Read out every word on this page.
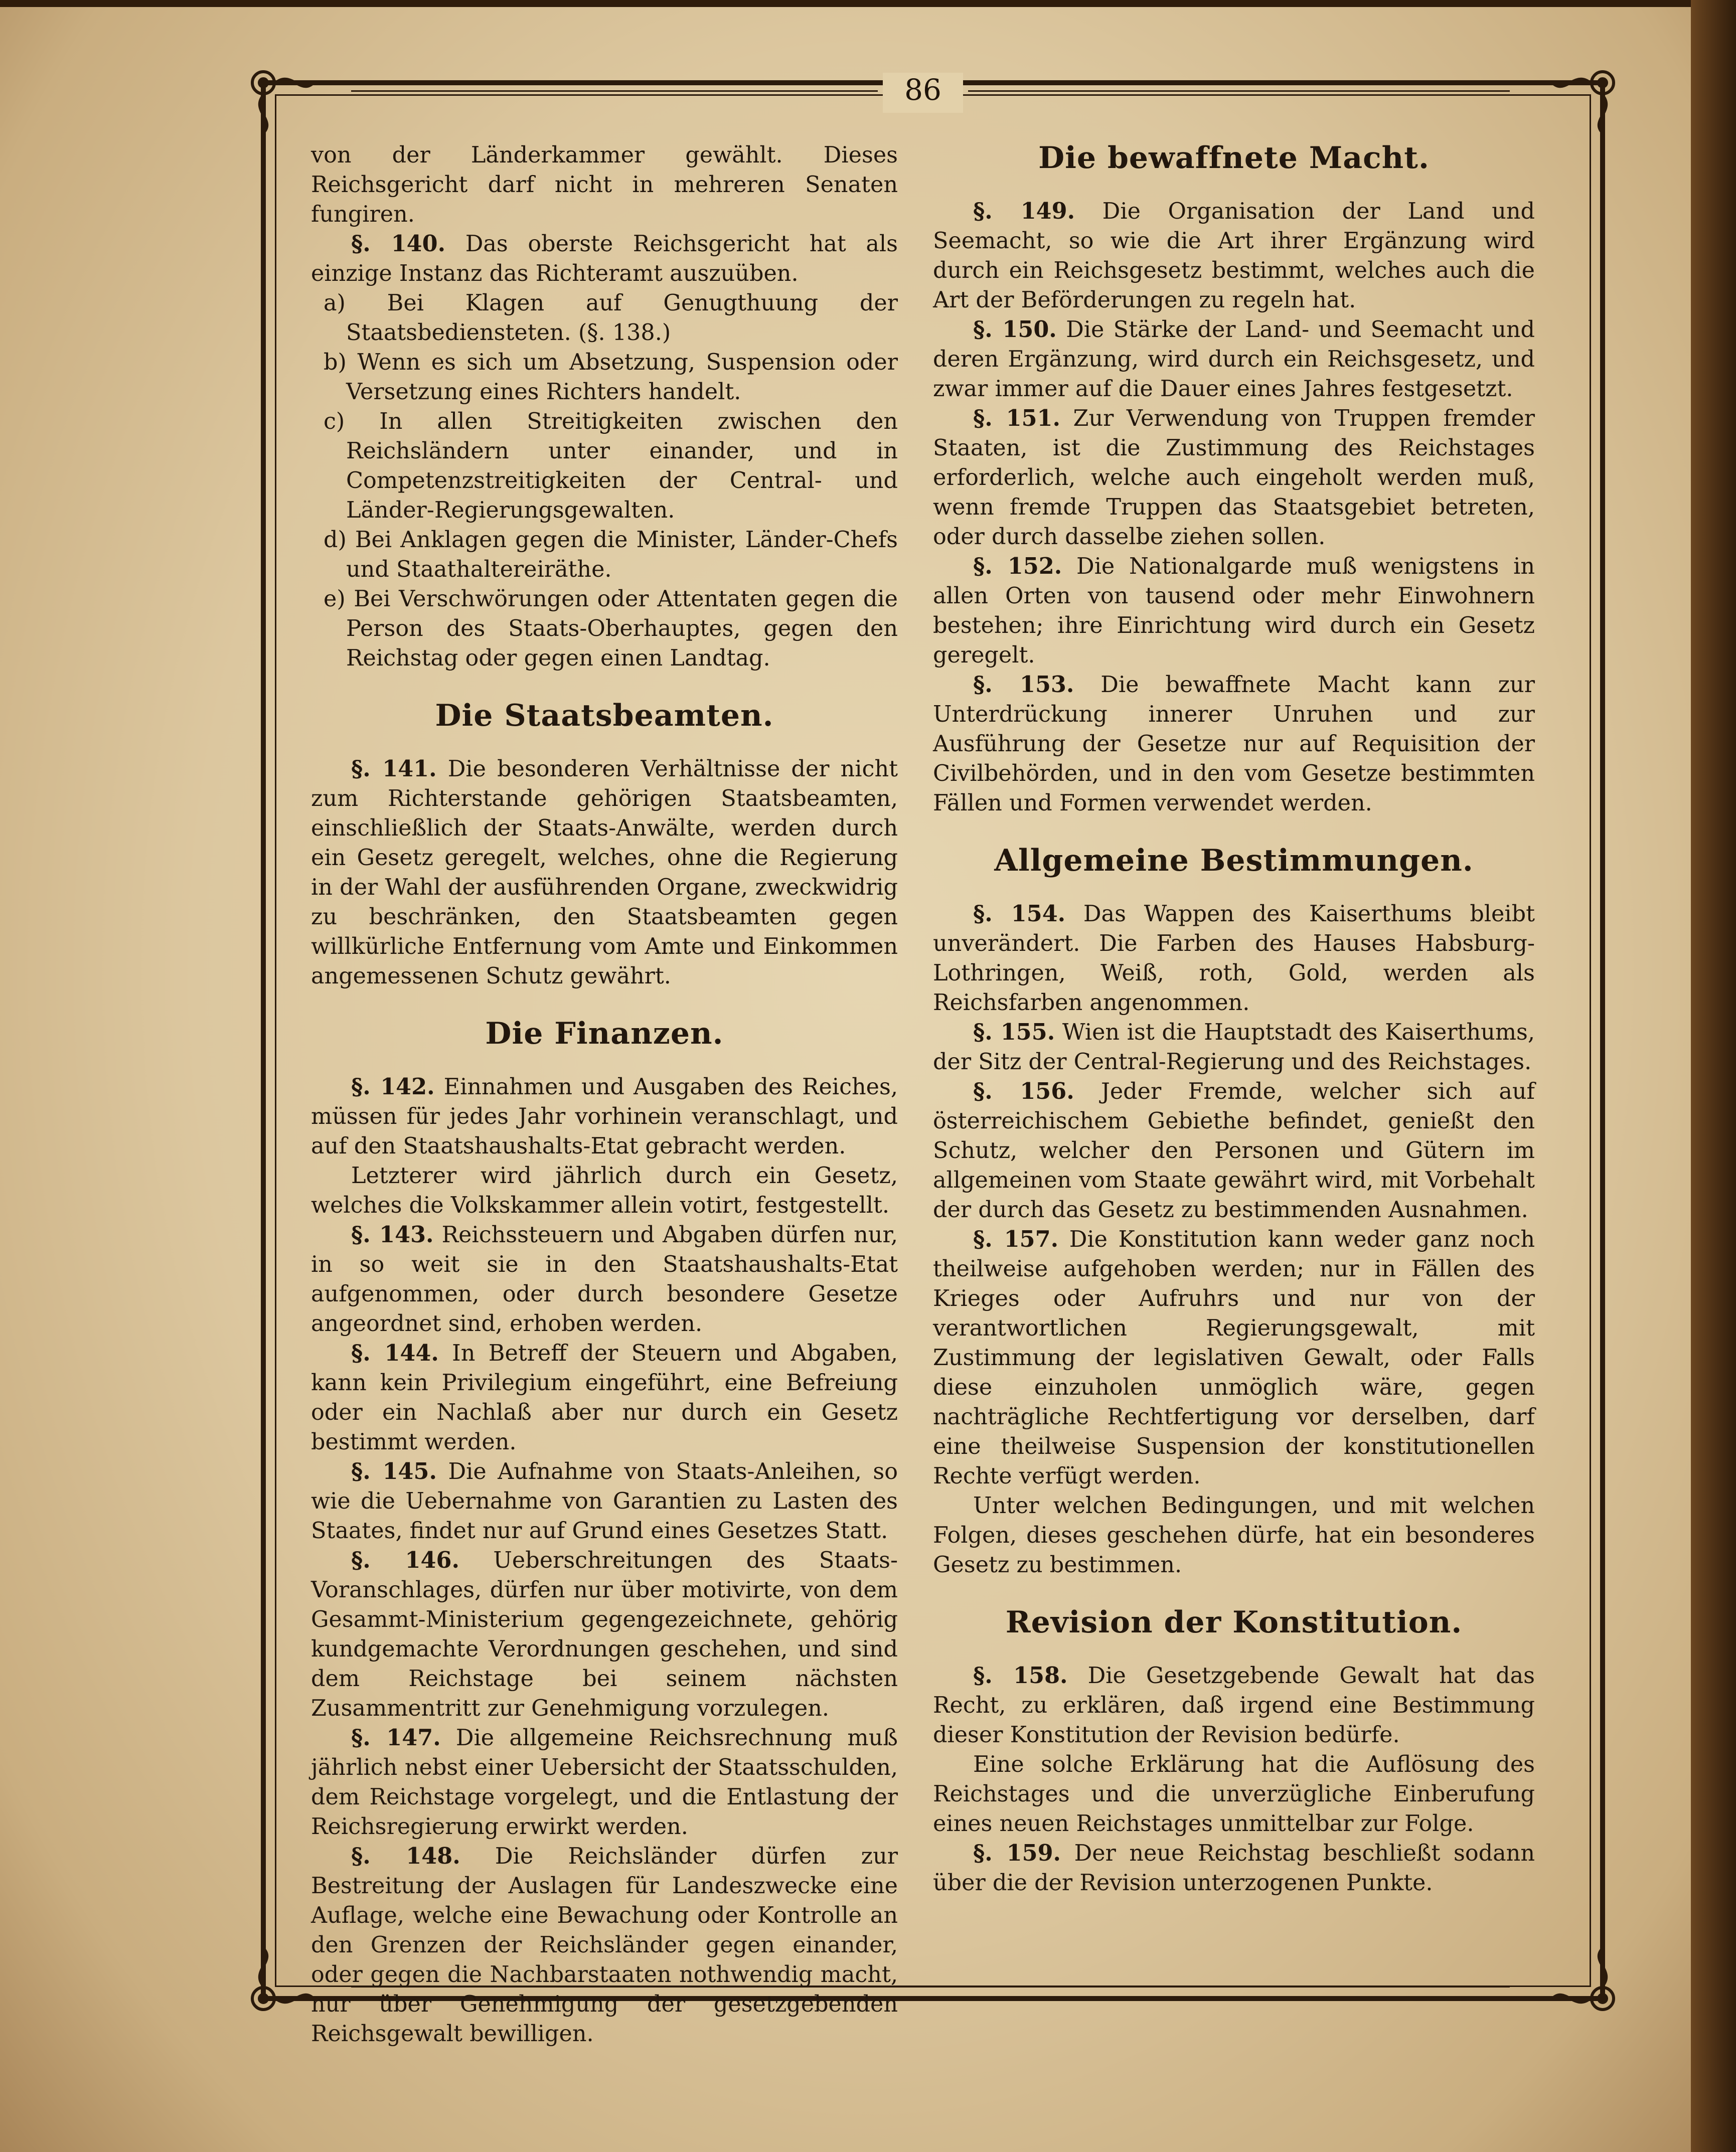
86

von der Länderkammer gewählt. Dieses Reichsgericht darf nicht in mehreren Senaten fungiren.

§. 140. Das oberste Reichsgericht hat als einzige Instanz das Richteramt auszuüben.

a) Bei Klagen auf Genugthuung der Staatsbediensteten. (§. 138.)

b) Wenn es sich um Absetzung, Suspension oder Versetzung eines Richters handelt.

c) In allen Streitigkeiten zwischen den Reichsländern unter einander, und in Competenzstreitigkeiten der Central- und Länder-Regierungsgewalten.

d) Bei Anklagen gegen die Minister, Länder-Chefs und Staathaltereiräthe.

e) Bei Verschwörungen oder Attentaten gegen die Person des Staats-Oberhauptes, gegen den Reichstag oder gegen einen Landtag.

Die Staatsbeamten.

§. 141. Die besonderen Verhältnisse der nicht zum Richterstande gehörigen Staatsbeamten, einschließlich der Staats-Anwälte, werden durch ein Gesetz geregelt, welches, ohne die Regierung in der Wahl der ausführenden Organe, zweckwidrig zu beschränken, den Staatsbeamten gegen willkürliche Entfernung vom Amte und Einkommen angemessenen Schutz gewährt.

Die Finanzen.

§. 142. Einnahmen und Ausgaben des Reiches, müssen für jedes Jahr vorhinein veranschlagt, und auf den Staatshaushalts-Etat gebracht werden.

Letzterer wird jährlich durch ein Gesetz, welches die Volkskammer allein votirt, festgestellt.

§. 143. Reichssteuern und Abgaben dürfen nur, in so weit sie in den Staatshaushalts-Etat aufgenommen, oder durch besondere Gesetze angeordnet sind, erhoben werden.

§. 144. In Betreff der Steuern und Abgaben, kann kein Privilegium eingeführt, eine Befreiung oder ein Nachlaß aber nur durch ein Gesetz bestimmt werden.

§. 145. Die Aufnahme von Staats-Anleihen, so wie die Uebernahme von Garantien zu Lasten des Staates, findet nur auf Grund eines Gesetzes Statt.

§. 146. Ueberschreitungen des Staats-Voranschlages, dürfen nur über motivirte, von dem Gesammt-Ministerium gegengezeichnete, gehörig kundgemachte Verordnungen geschehen, und sind dem Reichstage bei seinem nächsten Zusammentritt zur Genehmigung vorzulegen.

§. 147. Die allgemeine Reichsrechnung muß jährlich nebst einer Uebersicht der Staatsschulden, dem Reichstage vorgelegt, und die Entlastung der Reichsregierung erwirkt werden.

§. 148. Die Reichsländer dürfen zur Bestreitung der Auslagen für Landeszwecke eine Auflage, welche eine Bewachung oder Kontrolle an den Grenzen der Reichsländer gegen einander, oder gegen die Nachbarstaaten nothwendig macht, nur über Genehmigung der gesetzgebenden Reichsgewalt bewilligen.

Die bewaffnete Macht.

§. 149. Die Organisation der Land und Seemacht, so wie die Art ihrer Ergänzung wird durch ein Reichsgesetz bestimmt, welches auch die Art der Beförderungen zu regeln hat.

§. 150. Die Stärke der Land- und Seemacht und deren Ergänzung, wird durch ein Reichsgesetz, und zwar immer auf die Dauer eines Jahres festgesetzt.

§. 151. Zur Verwendung von Truppen fremder Staaten, ist die Zustimmung des Reichstages erforderlich, welche auch eingeholt werden muß, wenn fremde Truppen das Staatsgebiet betreten, oder durch dasselbe ziehen sollen.

§. 152. Die Nationalgarde muß wenigstens in allen Orten von tausend oder mehr Einwohnern bestehen; ihre Einrichtung wird durch ein Gesetz geregelt.

§. 153. Die bewaffnete Macht kann zur Unterdrückung innerer Unruhen und zur Ausführung der Gesetze nur auf Requisition der Civilbehörden, und in den vom Gesetze bestimmten Fällen und Formen verwendet werden.

Allgemeine Bestimmungen.

§. 154. Das Wappen des Kaiserthums bleibt unverändert. Die Farben des Hauses Habsburg-Lothringen, Weiß, roth, Gold, werden als Reichsfarben angenommen.

§. 155. Wien ist die Hauptstadt des Kaiserthums, der Sitz der Central-Regierung und des Reichstages.

§. 156. Jeder Fremde, welcher sich auf österreichischem Gebiethe befindet, genießt den Schutz, welcher den Personen und Gütern im allgemeinen vom Staate gewährt wird, mit Vorbehalt der durch das Gesetz zu bestimmenden Ausnahmen.

§. 157. Die Konstitution kann weder ganz noch theilweise aufgehoben werden; nur in Fällen des Krieges oder Aufruhrs und nur von der verantwortlichen Regierungsgewalt, mit Zustimmung der legislativen Gewalt, oder Falls diese einzuholen unmöglich wäre, gegen nachträgliche Rechtfertigung vor derselben, darf eine theilweise Suspension der konstitutionellen Rechte verfügt werden.

Unter welchen Bedingungen, und mit welchen Folgen, dieses geschehen dürfe, hat ein besonderes Gesetz zu bestimmen.

Revision der Konstitution.

§. 158. Die Gesetzgebende Gewalt hat das Recht, zu erklären, daß irgend eine Bestimmung dieser Konstitution der Revision bedürfe.

Eine solche Erklärung hat die Auflösung des Reichstages und die unverzügliche Einberufung eines neuen Reichstages unmittelbar zur Folge.

§. 159. Der neue Reichstag beschließt sodann über die der Revision unterzogenen Punkte.
